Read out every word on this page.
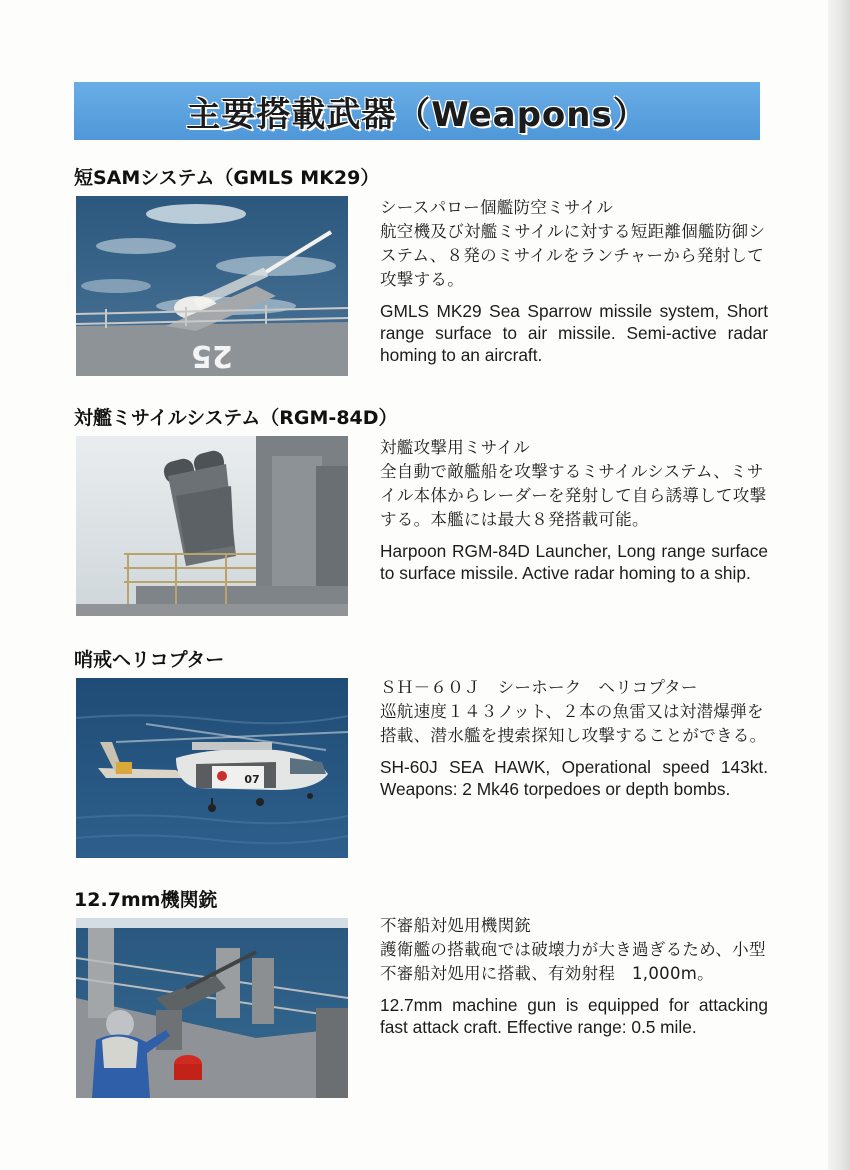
主要搭載武器（Weapons）
短SAMシステム（GMLS MK29）
25
シースパロー個艦防空ミサイル
航空機及び対艦ミサイルに対する短距離個艦防御システム、８発のミサイルをランチャーから発射して攻撃する。
GMLS MK29 Sea Sparrow missile system, Short range surface to air missile. Semi-active radar homing to an aircraft.
対艦ミサイルシステム（RGM-84D）
対艦攻撃用ミサイル
全自動で敵艦船を攻撃するミサイルシステム、ミサイル本体からレーダーを発射して自ら誘導して攻撃する。本艦には最大８発搭載可能。
Harpoon RGM-84D Launcher, Long range surface to surface missile. Active radar homing to a ship.
哨戒ヘリコプター
07
ＳＨ－６０Ｊ　シーホーク　ヘリコプター
巡航速度１４３ノット、２本の魚雷又は対潜爆弾を搭載、潜水艦を捜索探知し攻撃することができる。
SH-60J SEA HAWK, Operational speed 143kt. Weapons: 2 Mk46 torpedoes or depth bombs.
12.7mm機関銃
不審船対処用機関銃
護衛艦の搭載砲では破壊力が大き過ぎるため、小型不審船対処用に搭載、有効射程　1,000m。
12.7mm machine gun is equipped for attacking fast attack craft. Effective range: 0.5 mile.
